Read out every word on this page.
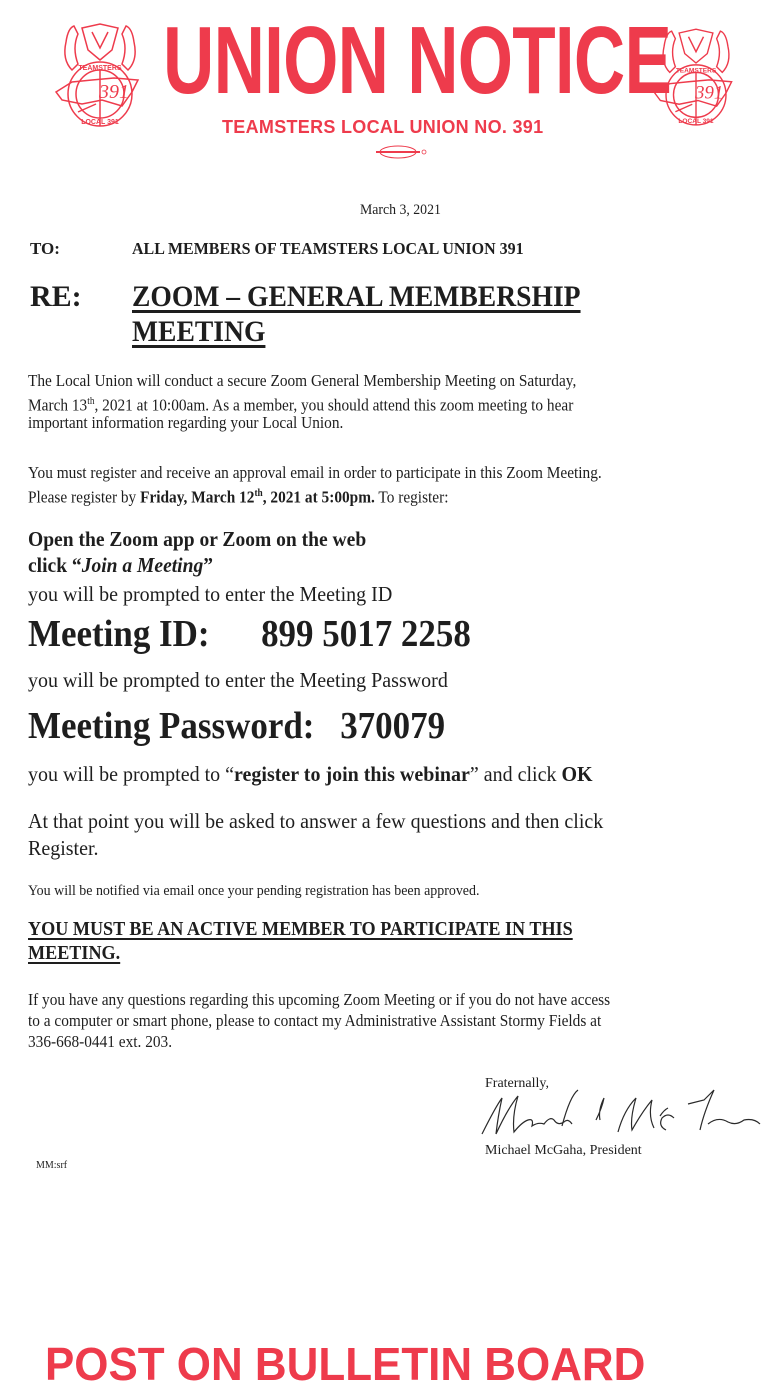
391
TEAMSTERS
LOCAL 391
UNION NOTICE
TEAMSTERS LOCAL UNION NO. 391
391
TEAMSTERS
LOCAL 391
March 3, 2021
TO:	ALL MEMBERS OF TEAMSTERS LOCAL UNION 391
RE: ZOOM – GENERAL MEMBERSHIP
MEETING
The Local Union will conduct a secure Zoom General Membership Meeting on Saturday,
March 13th, 2021 at 10:00am. As a member, you should attend this zoom meeting to hear
important information regarding your Local Union.
You must register and receive an approval email in order to participate in this Zoom Meeting.
Please register by Friday, March 12th, 2021 at 5:00pm. To register:
Open the Zoom app or Zoom on the web
click “Join a Meeting”
you will be prompted to enter the Meeting ID
Meeting ID: 899 5017 2258
you will be prompted to enter the Meeting Password
Meeting Password: 370079
you will be prompted to “register to join this webinar” and click OK
At that point you will be asked to answer a few questions and then click
Register.
You will be notified via email once your pending registration has been approved.
YOU MUST BE AN ACTIVE MEMBER TO PARTICIPATE IN THIS
MEETING.
If you have any questions regarding this upcoming Zoom Meeting or if you do not have access
to a computer or smart phone, please to contact my Administrative Assistant Stormy Fields at
336-668-0441 ext. 203.
Fraternally,
Michael McGaha, President
MM:srf
POST ON BULLETIN BOARD
